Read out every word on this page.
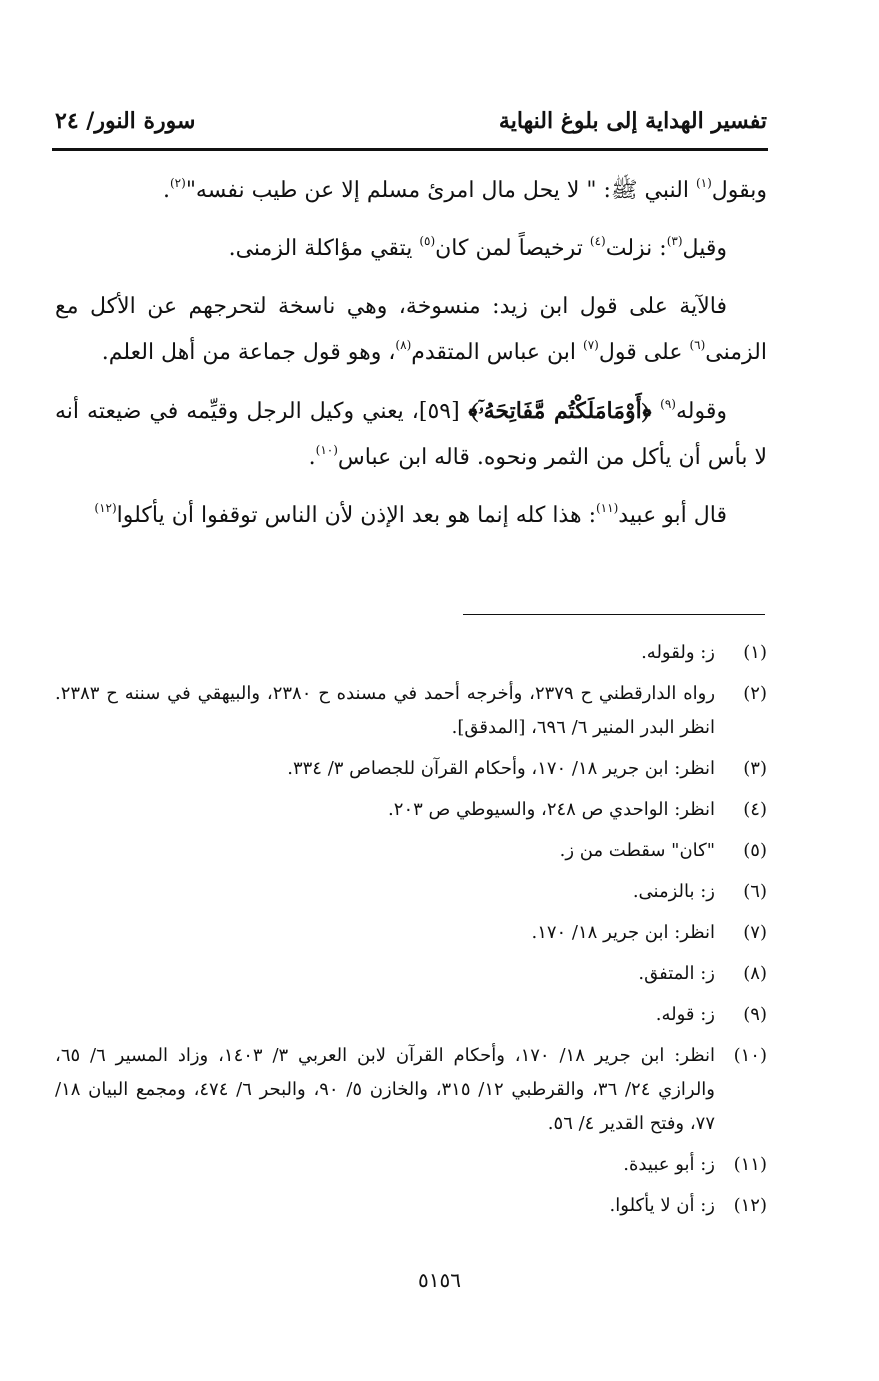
تفسير الهداية إلى بلوغ النهاية
سورة النور/ ٢٤

وبقول$^{(١)}$ النبي ﷺ: " لا يحل مال امرئ مسلم إلا عن طيب نفسه"$^{(٢)}$.

وقيل$^{(٣)}$: نزلت$^{(٤)}$ ترخيصاً لمن كان$^{(٥)}$ يتقي مؤاكلة الزمنى.

فالآية على قول ابن زيد: منسوخة، وهي ناسخة لتحرجهم عن الأكل مع الزمنى$^{(٦)}$ على قول$^{(٧)}$ ابن عباس المتقدم$^{(٨)}$، وهو قول جماعة من أهل العلم.

وقوله$^{(٩)}$ ﴿أَوْمَامَلَكْتُم مَّفَاتِحَهُۥٓ﴾ [٥٩]، يعني وكيل الرجل وقيِّمه في ضيعته أنه لا بأس أن يأكل من الثمر ونحوه. قاله ابن عباس$^{(١٠)}$.

قال أبو عبيد$^{(١١)}$: هذا كله إنما هو بعد الإذن لأن الناس توقفوا أن يأكلوا$^{(١٢)}$

(١)
ز: ولقوله.
(٢)
رواه الدارقطني ح ٢٣٧٩، وأخرجه أحمد في مسنده ح ٢٣٨٠، والبيهقي في سننه ح ٢٣٨٣. انظر البدر المنير ٦/ ٦٩٦، [المدقق].
(٣)
انظر: ابن جرير ١٨/ ١٧٠، وأحكام القرآن للجصاص ٣/ ٣٣٤.
(٤)
انظر: الواحدي ص ٢٤٨، والسيوطي ص ٢٠٣.
(٥)
"كان" سقطت من ز.
(٦)
ز: بالزمنى.
(٧)
انظر: ابن جرير ١٨/ ١٧٠.
(٨)
ز: المتفق.
(٩)
ز: قوله.
(١٠)
انظر: ابن جرير ١٨/ ١٧٠، وأحكام القرآن لابن العربي ٣/ ١٤٠٣، وزاد المسير ٦/ ٦٥، والرازي ٢٤/ ٣٦، والقرطبي ١٢/ ٣١٥، والخازن ٥/ ٩٠، والبحر ٦/ ٤٧٤، ومجمع البيان ١٨/ ٧٧، وفتح القدير ٤/ ٥٦.
(١١)
ز: أبو عبيدة.
(١٢)
ز: أن لا يأكلوا.
٥١٥٦
